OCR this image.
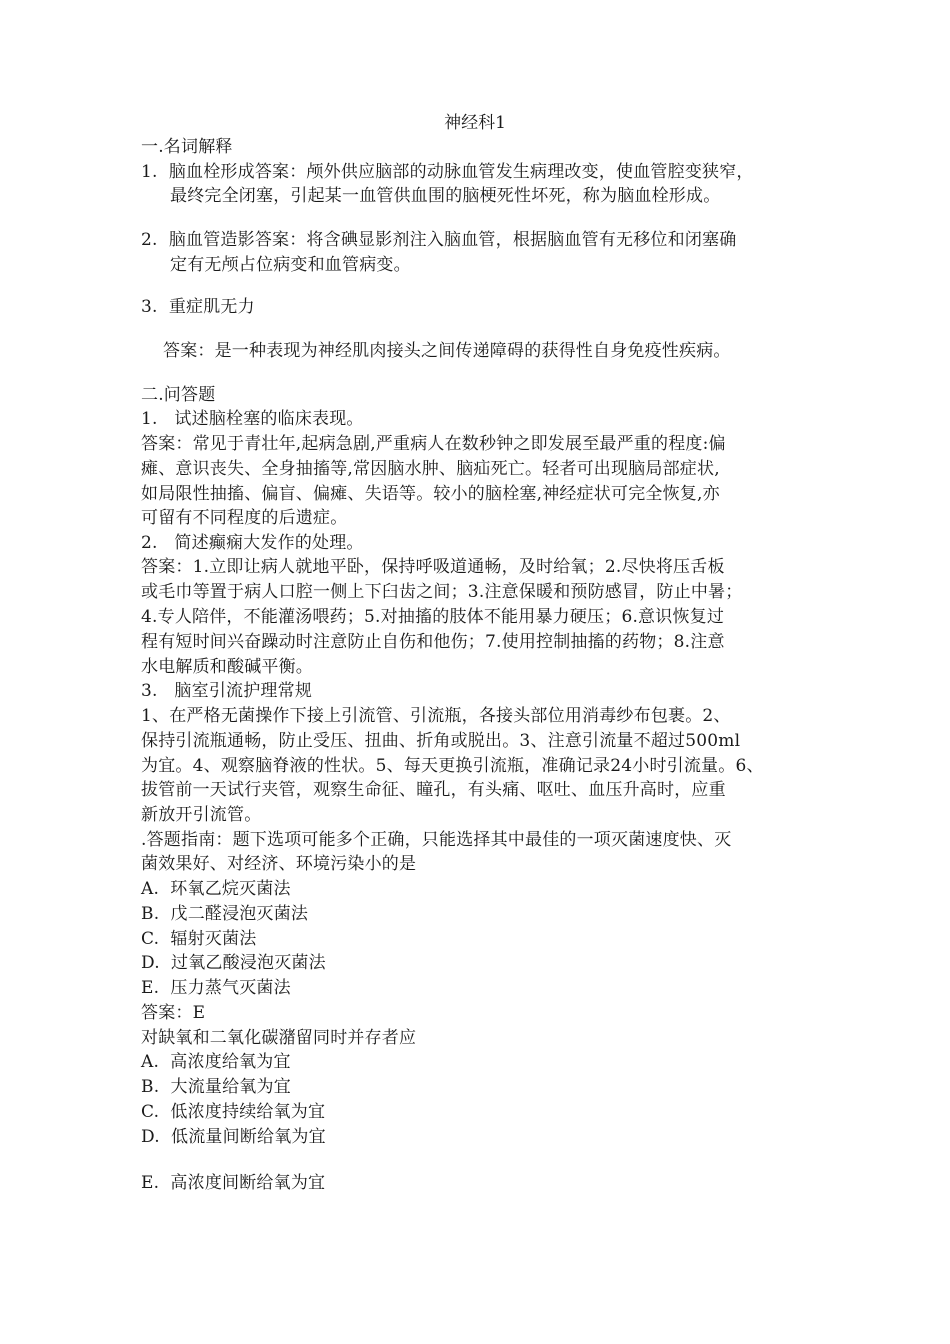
神经科1
一.名词解释
1.  脑血栓形成答案：颅外供应脑部的动脉血管发生病理改变，使血管腔变狭窄，
最终完全闭塞，引起某一血管供血围的脑梗死性坏死，称为脑血栓形成。
2.  脑血管造影答案：将含碘显影剂注入脑血管，根据脑血管有无移位和闭塞确
定有无颅占位病变和血管病变。
3.  重症肌无力
答案：是一种表现为神经肌肉接头之间传递障碍的获得性自身免疫性疾病。
二.问答题
1.   试述脑栓塞的临床表现。
答案：常见于青壮年,起病急剧,严重病人在数秒钟之即发展至最严重的程度:偏
瘫、意识丧失、全身抽搐等,常因脑水肿、脑疝死亡。轻者可出现脑局部症状,
如局限性抽搐、偏盲、偏瘫、失语等。较小的脑栓塞,神经症状可完全恢复,亦
可留有不同程度的后遗症。
2.   简述癫痫大发作的处理。
答案：1.立即让病人就地平卧，保持呼吸道通畅，及时给氧；2.尽快将压舌板
或毛巾等置于病人口腔一侧上下臼齿之间；3.注意保暖和预防感冒，防止中暑；
4.专人陪伴，不能灌汤喂药；5.对抽搐的肢体不能用暴力硬压；6.意识恢复过
程有短时间兴奋躁动时注意防止自伤和他伤；7.使用控制抽搐的药物；8.注意
水电解质和酸碱平衡。
3.   脑室引流护理常规
1、在严格无菌操作下接上引流管、引流瓶，各接头部位用消毒纱布包裹。2、
保持引流瓶通畅，防止受压、扭曲、折角或脱出。3、注意引流量不超过500ml
为宜。4、观察脑脊液的性状。5、每天更换引流瓶，准确记录24小时引流量。6、
拔管前一天试行夹管，观察生命征、瞳孔，有头痛、呕吐、血压升高时，应重
新放开引流管。
.答题指南：题下选项可能多个正确，只能选择其中最佳的一项灭菌速度快、灭
菌效果好、对经济、环境污染小的是
A.  环氧乙烷灭菌法
B.  戊二醛浸泡灭菌法
C.  辐射灭菌法
D.  过氧乙酸浸泡灭菌法
E.  压力蒸气灭菌法
答案：E
对缺氧和二氧化碳潴留同时并存者应
A.  高浓度给氧为宜
B.  大流量给氧为宜
C.  低浓度持续给氧为宜
D.  低流量间断给氧为宜
E.  高浓度间断给氧为宜
